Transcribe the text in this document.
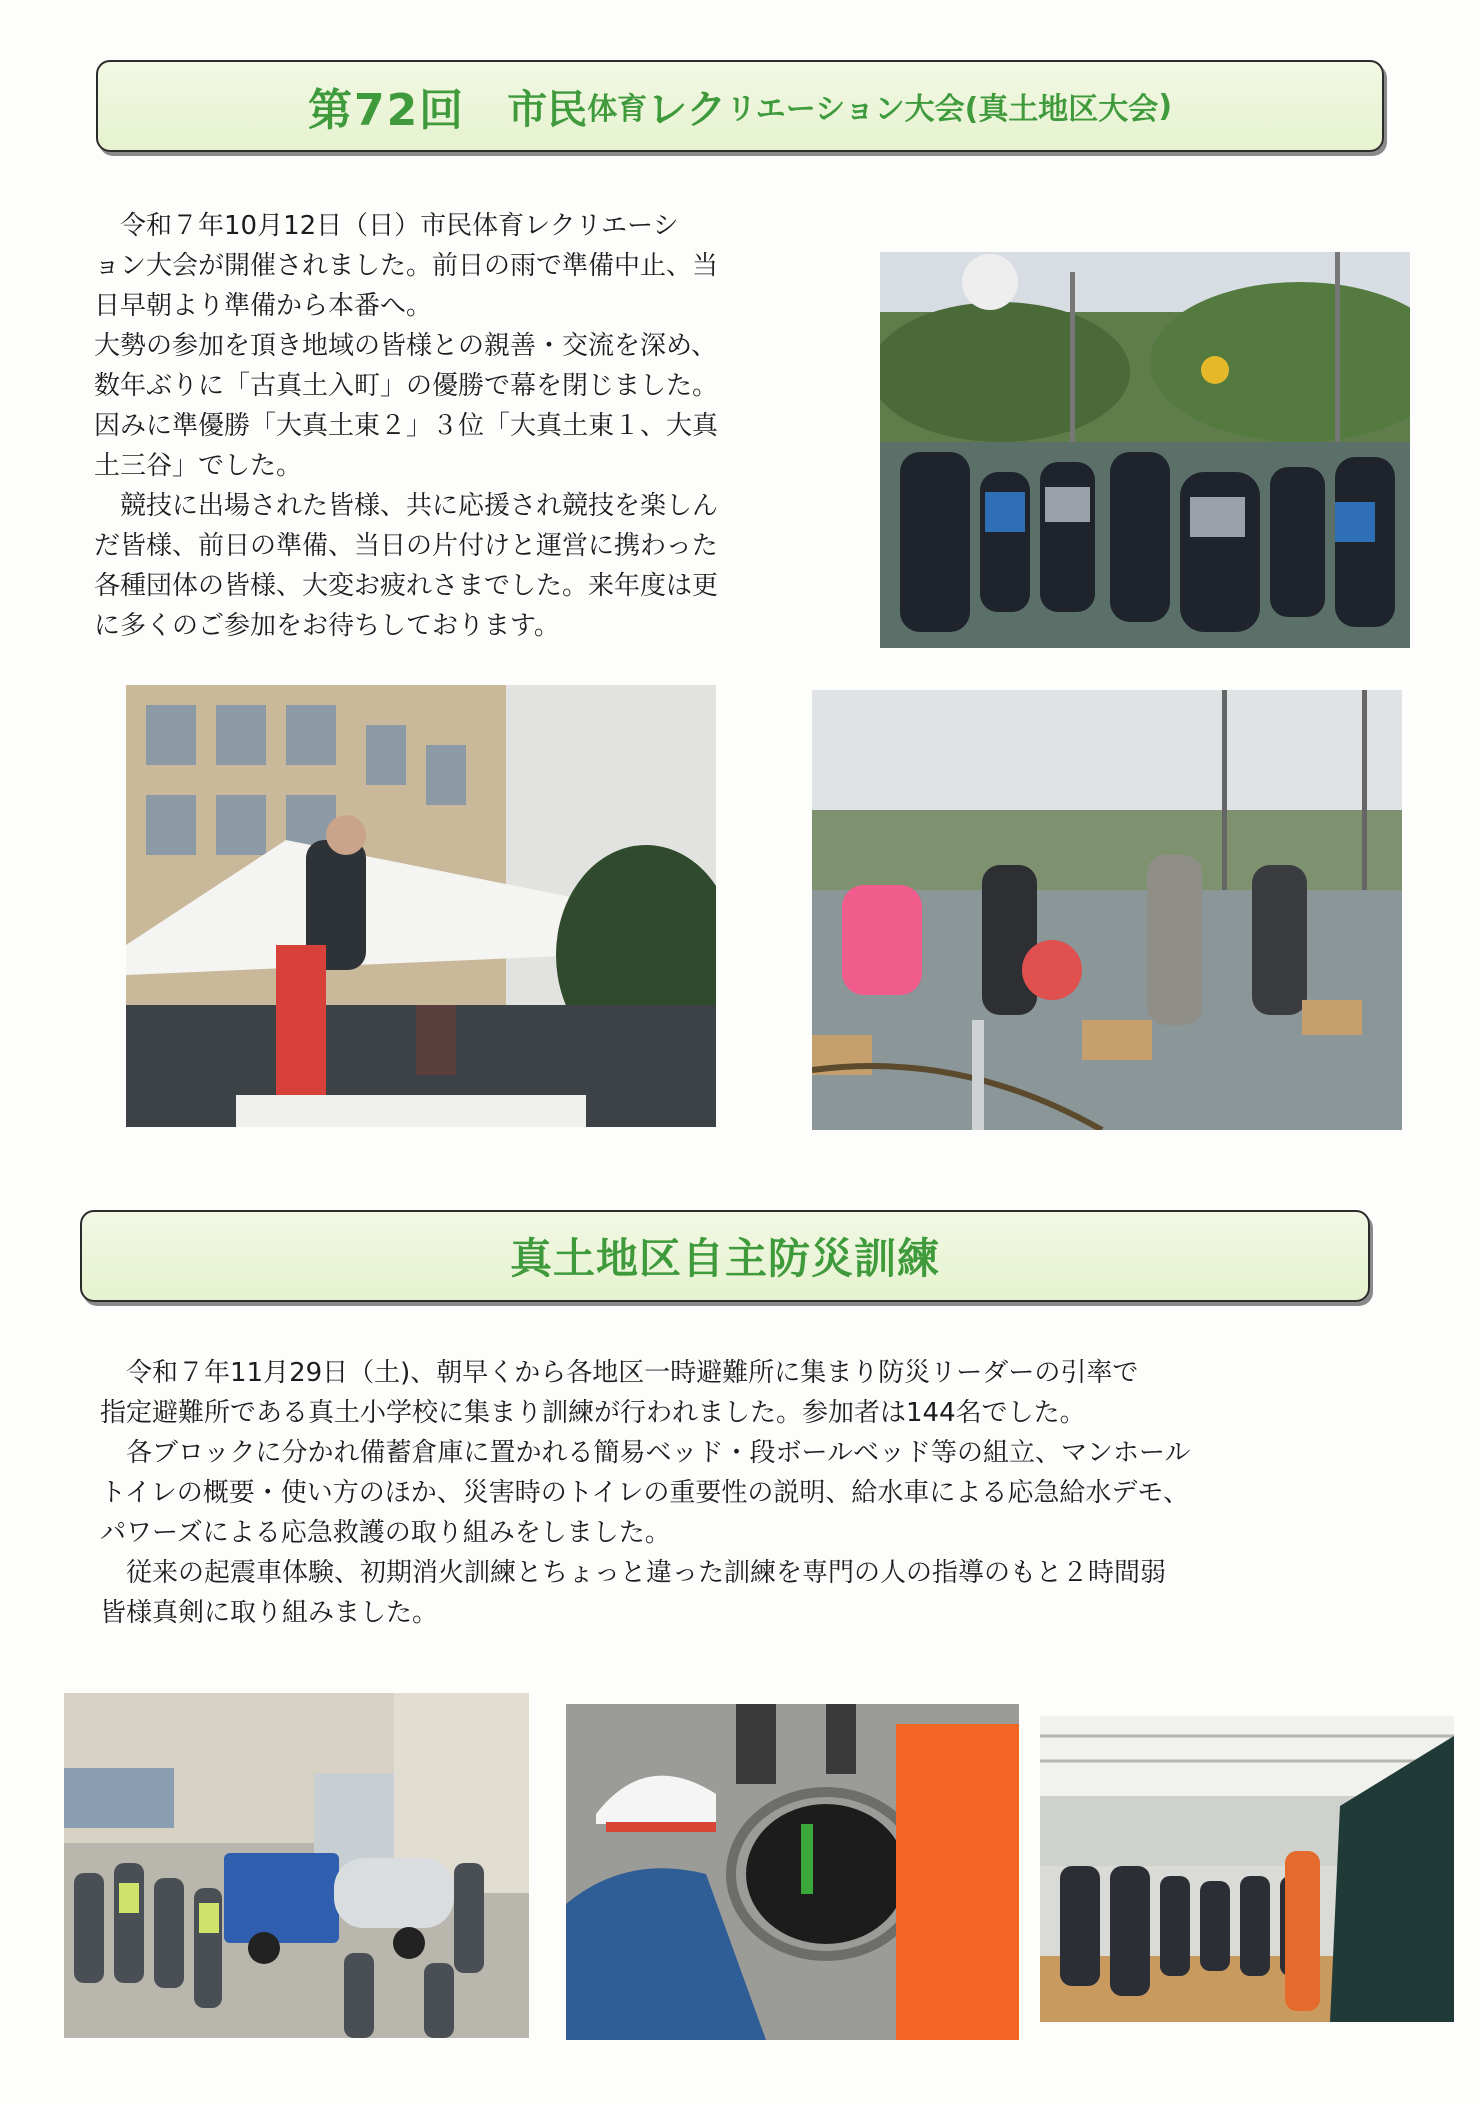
第72回 市民 体育 レク リエーション大会( 真土地区大会 )

令和７年10月12日（日）市民体育レクリエーシ

ョン大会が開催されました。前日の雨で準備中止、当

日早朝より準備から本番へ。

大勢の参加を頂き地域の皆様との親善・交流を深め、

数年ぶりに「古真土入町」の優勝で幕を閉じました。

因みに準優勝「大真土東２」３位「大真土東１、大真

土三谷」でした。

競技に出場された皆様、共に応援され競技を楽しん

だ皆様、前日の準備、当日の片付けと運営に携わった

各種団体の皆様、大変お疲れさまでした。来年度は更

に多くのご参加をお待ちしております。

真土地区自主防災訓練

令和７年11月29日（土)、朝早くから各地区一時避難所に集まり防災リーダーの引率で

指定避難所である真土小学校に集まり訓練が行われました。参加者は144名でした。

各ブロックに分かれ備蓄倉庫に置かれる簡易ベッド・段ボールベッド等の組立、マンホール

トイレの概要・使い方のほか、災害時のトイレの重要性の説明、給水車による応急給水デモ、

パワーズによる応急救護の取り組みをしました。

従来の起震車体験、初期消火訓練とちょっと違った訓練を専門の人の指導のもと２時間弱

皆様真剣に取り組みました。
